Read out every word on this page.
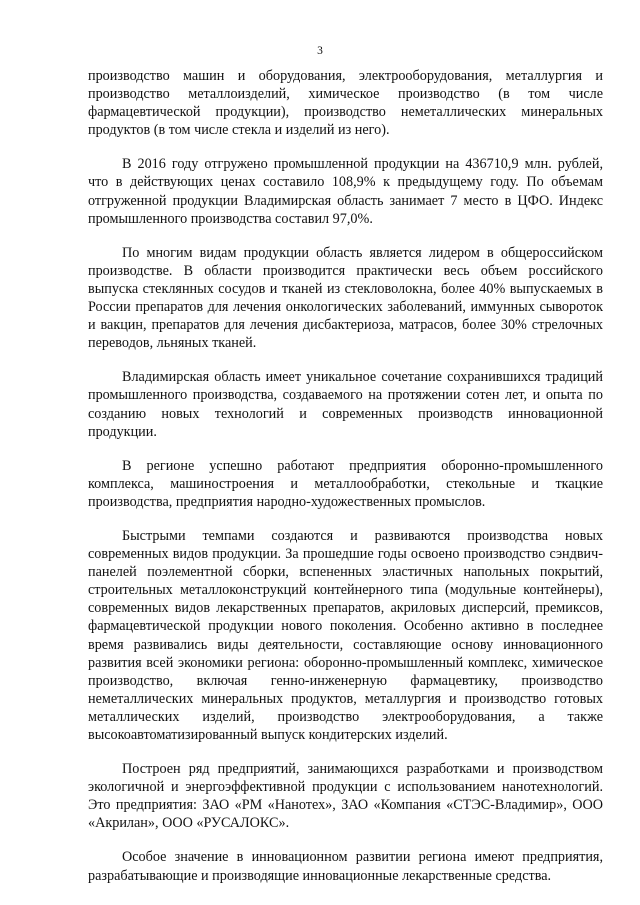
3

производство машин и оборудования, электрооборудования, металлургия и производство металлоизделий, химическое производство (в том числе фармацевтической продукции), производство неметаллических минеральных продуктов (в том числе стекла и изделий из него).

В 2016 году отгружено промышленной продукции на 436710,9 млн. рублей, что в действующих ценах составило 108,9% к предыдущему году. По объемам отгруженной продукции Владимирская область занимает 7 место в ЦФО. Индекс промышленного производства составил 97,0%.

По многим видам продукции область является лидером в общероссийском производстве. В области производится практически весь объем российского выпуска стеклянных сосудов и тканей из стекловолокна, более 40% выпускаемых в России препаратов для лечения онкологических заболеваний, иммунных сывороток и вакцин, препаратов для лечения дисбактериоза, матрасов, более 30% стрелочных переводов, льняных тканей.

Владимирская область имеет уникальное сочетание сохранившихся традиций промышленного производства, создаваемого на протяжении сотен лет, и опыта по созданию новых технологий и современных производств инновационной продукции.

В регионе успешно работают предприятия оборонно-промышленного комплекса, машиностроения и металлообработки, стекольные и ткацкие производства, предприятия народно-художественных промыслов.

Быстрыми темпами создаются и развиваются производства новых современных видов продукции. За прошедшие годы освоено производство сэндвич-панелей поэлементной сборки, вспененных эластичных напольных покрытий, строительных металлоконструкций контейнерного типа (модульные контейнеры), современных видов лекарственных препаратов, акриловых дисперсий, премиксов, фармацевтической продукции нового поколения. Особенно активно в последнее время развивались виды деятельности, составляющие основу инновационного развития всей экономики региона: оборонно-промышленный комплекс, химическое производство, включая генно-инженерную фармацевтику, производство неметаллических минеральных продуктов, металлургия и производство готовых металлических изделий, производство электрооборудования, а также высокоавтоматизированный выпуск кондитерских изделий.

Построен ряд предприятий, занимающихся разработками и производством экологичной и энергоэффективной продукции с использованием нанотехнологий. Это предприятия: ЗАО «РМ «Нанотех», ЗАО «Компания «СТЭС-Владимир», ООО «Акрилан», ООО «РУСАЛОКС».

Особое значение в инновационном развитии региона имеют предприятия, разрабатывающие и производящие инновационные лекарственные средства.
